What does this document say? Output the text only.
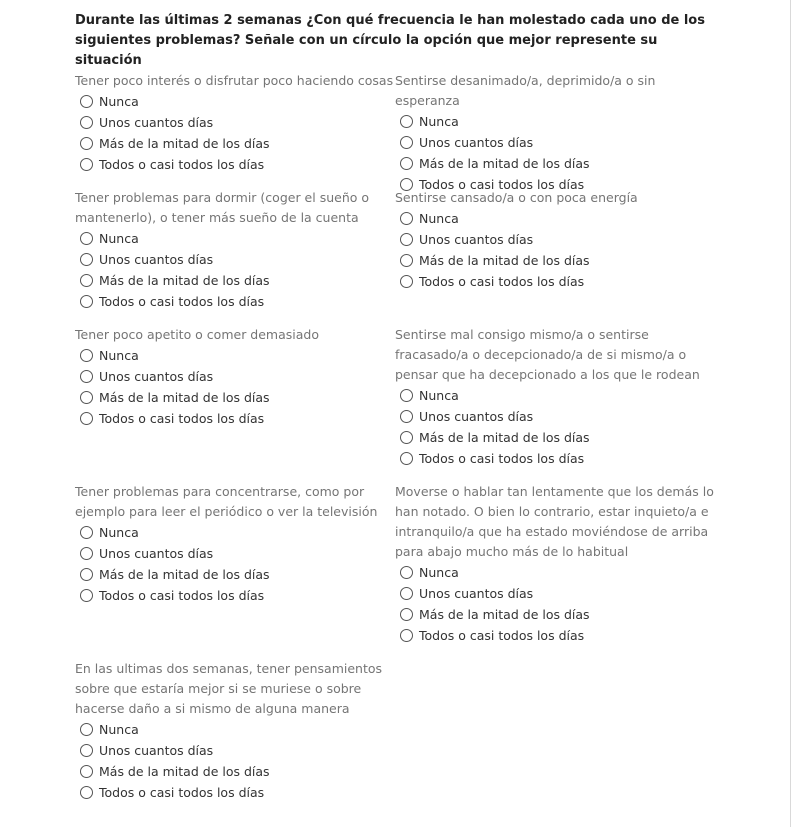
Durante las últimas 2 semanas ¿Con qué frecuencia le han molestado cada uno de los siguientes problemas? Señale con un círculo la opción que mejor represente su situación
Tener poco interés o disfrutar poco haciendo cosas
Nunca
Unos cuantos días
Más de la mitad de los días
Todos o casi todos los días
Sentirse desanimado/a, deprimido/a o sin esperanza
Nunca
Unos cuantos días
Más de la mitad de los días
Todos o casi todos los días
Tener problemas para dormir (coger el sueño o mantenerlo), o tener más sueño de la cuenta
Nunca
Unos cuantos días
Más de la mitad de los días
Todos o casi todos los días
Sentirse cansado/a o con poca energía
Nunca
Unos cuantos días
Más de la mitad de los días
Todos o casi todos los días
Tener poco apetito o comer demasiado
Nunca
Unos cuantos días
Más de la mitad de los días
Todos o casi todos los días
Sentirse mal consigo mismo/a o sentirse fracasado/a o decepcionado/a de si mismo/a o pensar que ha decepcionado a los que le rodean
Nunca
Unos cuantos días
Más de la mitad de los días
Todos o casi todos los días
Tener problemas para concentrarse, como por ejemplo para leer el periódico o ver la televisión
Nunca
Unos cuantos días
Más de la mitad de los días
Todos o casi todos los días
Moverse o hablar tan lentamente que los demás lo han notado. O bien lo contrario, estar inquieto/a e intranquilo/a que ha estado moviéndose de arriba para abajo mucho más de lo habitual
Nunca
Unos cuantos días
Más de la mitad de los días
Todos o casi todos los días
En las ultimas dos semanas, tener pensamientos sobre que estaría mejor si se muriese o sobre hacerse daño a si mismo de alguna manera
Nunca
Unos cuantos días
Más de la mitad de los días
Todos o casi todos los días
